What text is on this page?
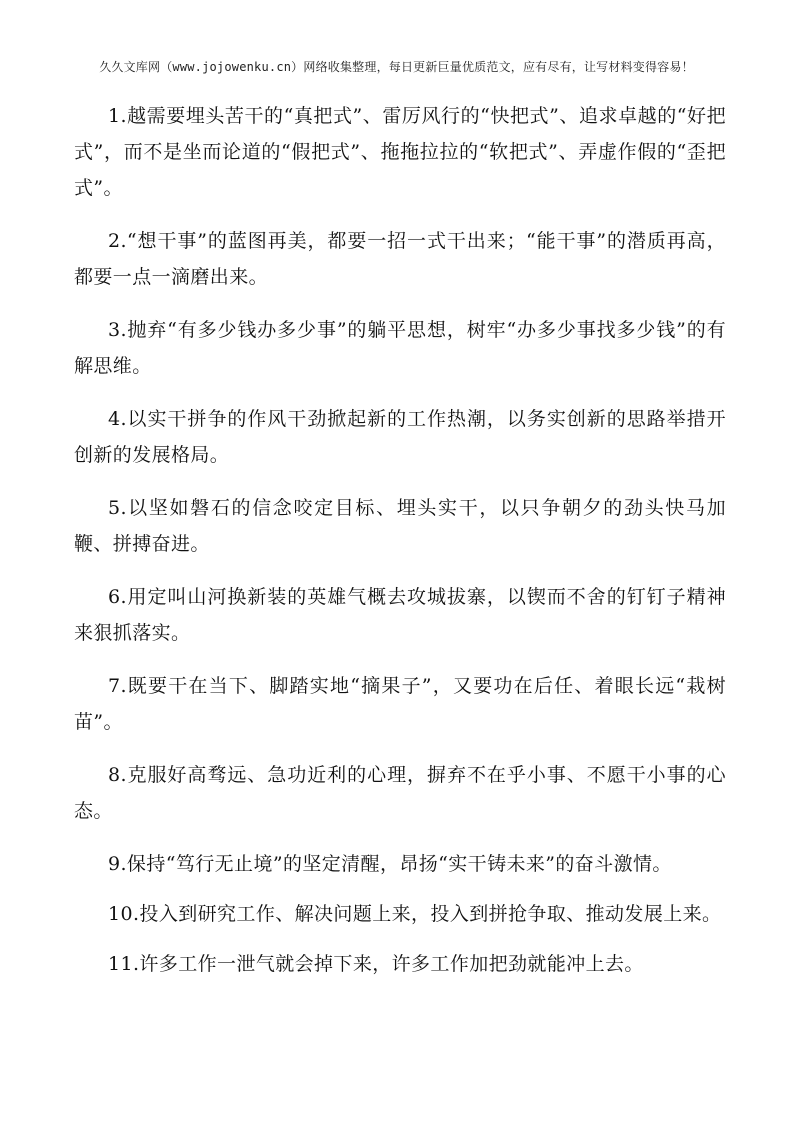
久久文库网（www.jojowenku.cn）网络收集整理，每日更新巨量优质范文，应有尽有，让写材料变得容易！

1.越需要埋头苦干的“真把式”、雷厉风行的“快把式”、追求卓越的“好把式”，而不是坐而论道的“假把式”、拖拖拉拉的“软把式”、弄虚作假的“歪把式”。

2.“想干事”的蓝图再美，都要一招一式干出来；“能干事”的潜质再高，都要一点一滴磨出来。

3.抛弃“有多少钱办多少事”的躺平思想，树牢“办多少事找多少钱”的有解思维。

4.以实干拼争的作风干劲掀起新的工作热潮，以务实创新的思路举措开创新的发展格局。

5.以坚如磐石的信念咬定目标、埋头实干，以只争朝夕的劲头快马加鞭、拼搏奋进。

6.用定叫山河换新装的英雄气概去攻城拔寨，以锲而不舍的钉钉子精神来狠抓落实。

7.既要干在当下、脚踏实地“摘果子”，又要功在后任、着眼长远“栽树苗”。

8.克服好高骛远、急功近利的心理，摒弃不在乎小事、不愿干小事的心态。

9.保持“笃行无止境”的坚定清醒，昂扬“实干铸未来”的奋斗激情。

10.投入到研究工作、解决问题上来，投入到拼抢争取、推动发展上来。

11.许多工作一泄气就会掉下来，许多工作加把劲就能冲上去。
